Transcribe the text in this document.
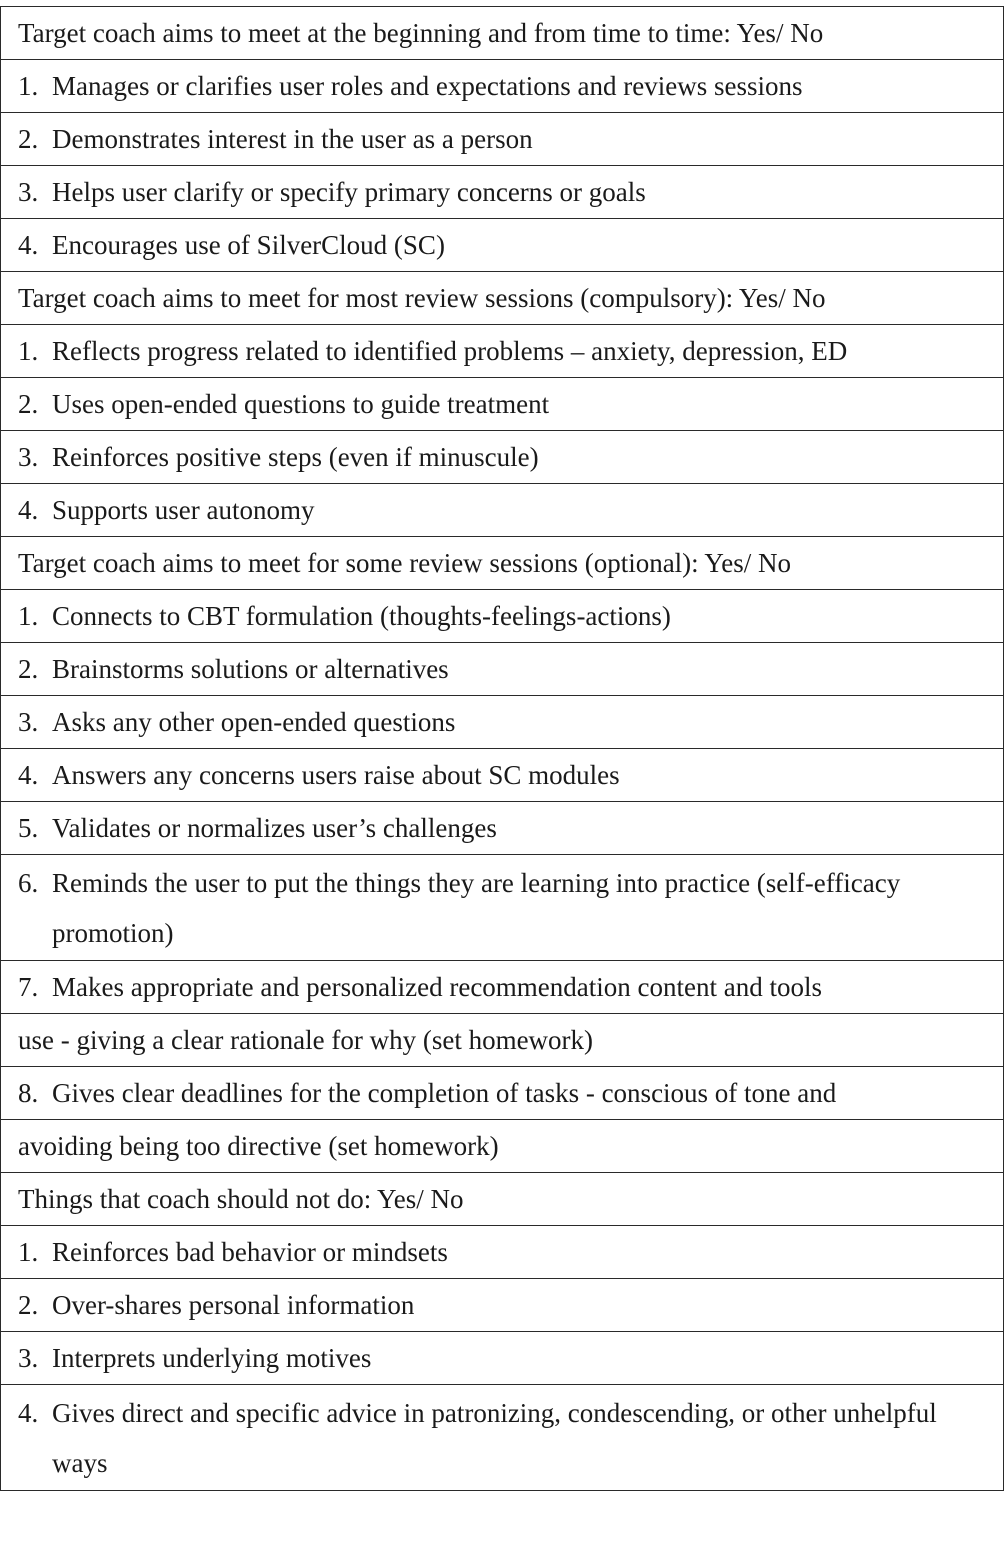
Target coach aims to meet at the beginning and from time to time: Yes/ No

1. Manages or clarifies user roles and expectations and reviews sessions

2. Demonstrates interest in the user as a person

3. Helps user clarify or specify primary concerns or goals

4. Encourages use of SilverCloud (SC)

Target coach aims to meet for most review sessions (compulsory): Yes/ No

1. Reflects progress related to identified problems – anxiety, depression, ED

2. Uses open-ended questions to guide treatment

3. Reinforces positive steps (even if minuscule)

4. Supports user autonomy

Target coach aims to meet for some review sessions (optional): Yes/ No

1. Connects to CBT formulation (thoughts-feelings-actions)

2. Brainstorms solutions or alternatives

3. Asks any other open-ended questions

4. Answers any concerns users raise about SC modules

5. Validates or normalizes user’s challenges

6. Reminds the user to put the things they are learning into practice (self-efficacy promotion)

7. Makes appropriate and personalized recommendation content and tools

use - giving a clear rationale for why (set homework)

8. Gives clear deadlines for the completion of tasks - conscious of tone and

avoiding being too directive (set homework)
Things that coach should not do: Yes/ No

1. Reinforces bad behavior or mindsets

2. Over-shares personal information

3. Interprets underlying motives

4. Gives direct and specific advice in patronizing, condescending, or other unhelpful ways
